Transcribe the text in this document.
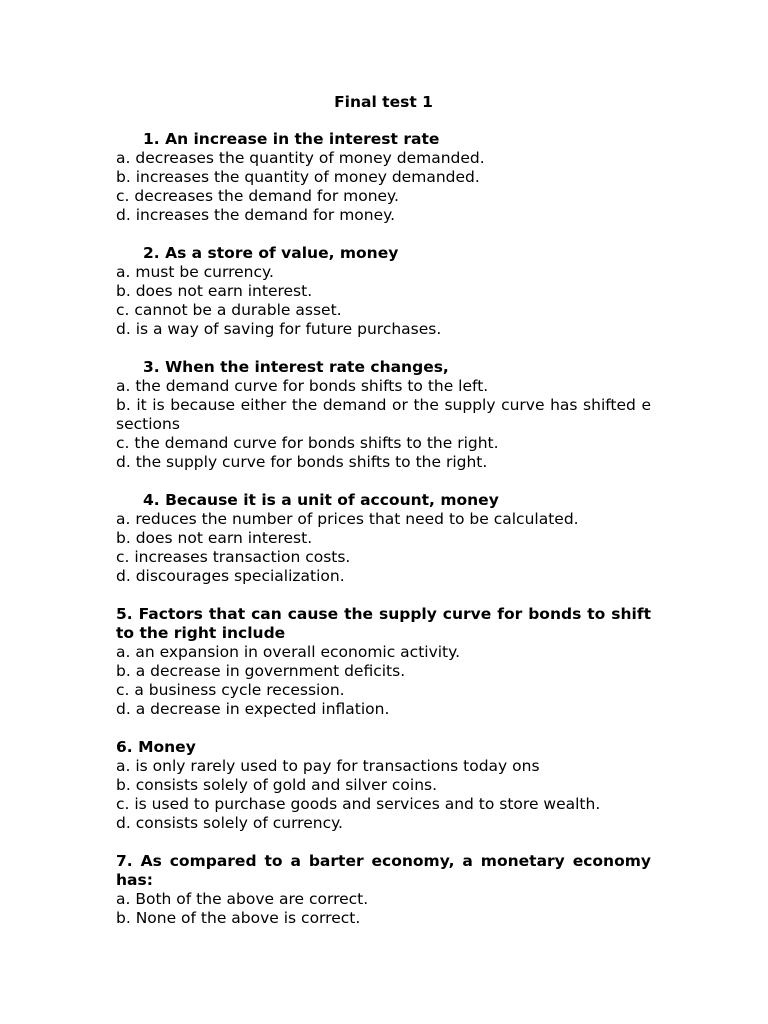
Final test 1
1. An increase in the interest rate
a. decreases the quantity of money demanded.
b. increases the quantity of money demanded.
c. decreases the demand for money.
d. increases the demand for money.
2. As a store of value, money
a. must be currency.
b. does not earn interest.
c. cannot be a durable asset.
d. is a way of saving for future purchases.
3. When the interest rate changes,
a. the demand curve for bonds shifts to the left.
b. it is because either the demand or the supply curve has shifted e sections
c. the demand curve for bonds shifts to the right.
d. the supply curve for bonds shifts to the right.
4. Because it is a unit of account, money
a. reduces the number of prices that need to be calculated.
b. does not earn interest.
c. increases transaction costs.
d. discourages specialization.
5. Factors that can cause the supply curve for bonds to shift to the right include
a. an expansion in overall economic activity.
b. a decrease in government deficits.
c. a business cycle recession.
d. a decrease in expected inflation.
6. Money
a. is only rarely used to pay for transactions today ons
b. consists solely of gold and silver coins.
c. is used to purchase goods and services and to store wealth.
d. consists solely of currency.
7. As compared to a barter economy, a monetary economy has:
a. Both of the above are correct.
b. None of the above is correct.
